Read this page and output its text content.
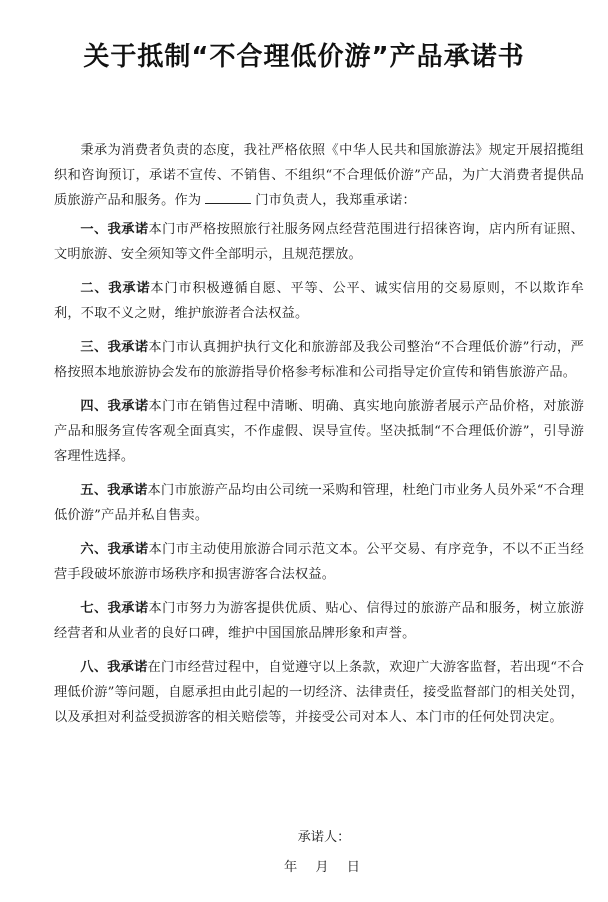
关于抵制“不合理低价游”产品承诺书

秉承为消费者负责的态度，我社严格依照《中华人民共和国旅游法》规定开展招揽组织和咨询预订，承诺不宣传、不销售、不组织“不合理低价游”产品，为广大消费者提供品质旅游产品和服务。作为	门市负责人，我郑重承诺：

一、我承诺本门市严格按照旅行社服务网点经营范围进行招徕咨询，店内所有证照、文明旅游、安全须知等文件全部明示，且规范摆放。

二、我承诺本门市积极遵循自愿、平等、公平、诚实信用的交易原则，不以欺诈牟利，不取不义之财，维护旅游者合法权益。

三、我承诺本门市认真拥护执行文化和旅游部及我公司整治“不合理低价游”行动，严格按照本地旅游协会发布的旅游指导价格参考标准和公司指导定价宣传和销售旅游产品。

四、我承诺本门市在销售过程中清晰、明确、真实地向旅游者展示产品价格，对旅游产品和服务宣传客观全面真实，不作虚假、误导宣传。坚决抵制“不合理低价游”，引导游客理性选择。

五、我承诺本门市旅游产品均由公司统一采购和管理，杜绝门市业务人员外采“不合理低价游”产品并私自售卖。

六、我承诺本门市主动使用旅游合同示范文本。公平交易、有序竞争，不以不正当经营手段破坏旅游市场秩序和损害游客合法权益。

七、我承诺本门市努力为游客提供优质、贴心、信得过的旅游产品和服务，树立旅游经营者和从业者的良好口碑，维护中国国旅品牌形象和声誉。

八、我承诺在门市经营过程中，自觉遵守以上条款，欢迎广大游客监督，若出现“不合理低价游”等问题，自愿承担由此引起的一切经济、法律责任，接受监督部门的相关处罚，以及承担对利益受损游客的相关赔偿等，并接受公司对本人、本门市的任何处罚决定。

承诺人：
年 月 日
